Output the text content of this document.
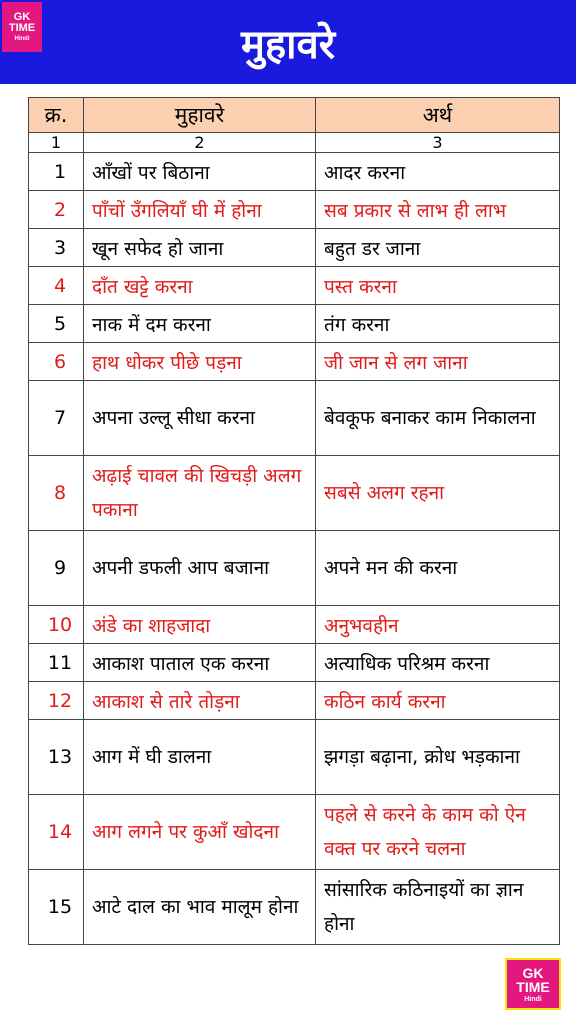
मुहावरे
GK
TIME
Hindi
क्र.	मुहावरे	अर्थ
1	2	3
1	आँखों पर बिठाना	आदर करना
2	पाँचों उँगलियाँ घी में होना	सब प्रकार से लाभ ही लाभ
3	खून सफेद हो जाना	बहुत डर जाना
4	दाँत खट्टे करना	पस्त करना
5	नाक में दम करना	तंग करना
6	हाथ धोकर पीछे पड़ना	जी जान से लग जाना
7	अपना उल्लू सीधा करना	बेवकूफ बनाकर काम निकालना
8	अढ़ाई चावल की खिचड़ी अलग पकाना	सबसे अलग रहना
9	अपनी डफली आप बजाना	अपने मन की करना
10	अंडे का शाहजादा	अनुभवहीन
11	आकाश पाताल एक करना	अत्याधिक परिश्रम करना
12	आकाश से तारे तोड़ना	कठिन कार्य करना
13	आग में घी डालना	झगड़ा बढ़ाना, क्रोध भड़काना
14	आग लगने पर कुआँ खोदना	पहले से करने के काम को ऐन वक्त पर करने चलना
15	आटे दाल का भाव मालूम होना	सांसारिक कठिनाइयों का ज्ञान होना
GK
TIME
Hindi
